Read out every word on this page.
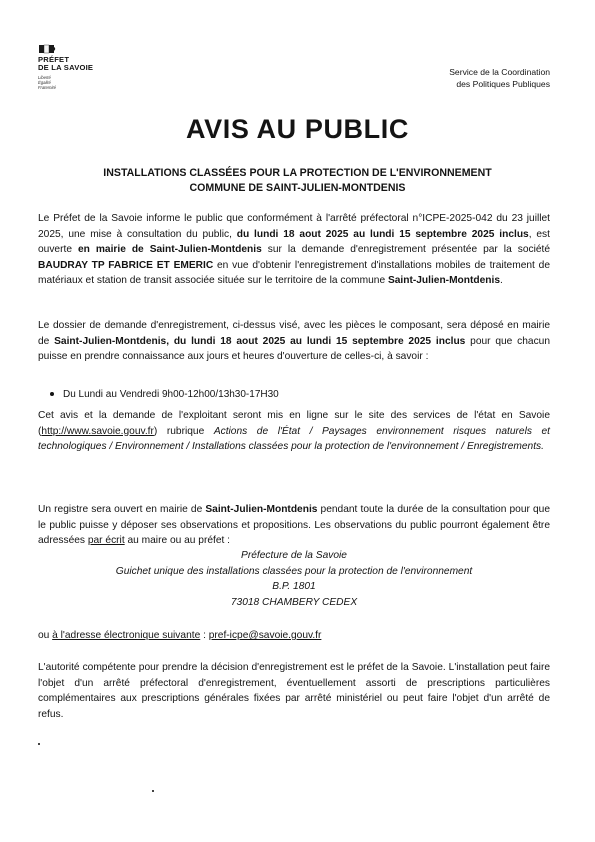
PRÉFET
DE LA SAVOIE
Liberté
Égalité
Fraternité
Service de la Coordination
des Politiques Publiques
AVIS AU PUBLIC
INSTALLATIONS CLASSÉES POUR LA PROTECTION DE L'ENVIRONNEMENT
COMMUNE DE SAINT-JULIEN-MONTDENIS
Le Préfet de la Savoie informe le public que conformément à l'arrêté préfectoral n°ICPE-2025-042 du 23 juillet 2025, une mise à consultation du public, du lundi 18 aout 2025 au lundi 15 septembre 2025 inclus, est ouverte en mairie de Saint-Julien-Montdenis sur la demande d'enregistrement présentée par la société BAUDRAY TP FABRICE ET EMERIC en vue d'obtenir l'enregistrement d'installations mobiles de traitement de matériaux et station de transit associée située sur le territoire de la commune Saint-Julien-Montdenis.
Le dossier de demande d'enregistrement, ci-dessus visé, avec les pièces le composant, sera déposé en mairie de Saint-Julien-Montdenis, du lundi 18 aout 2025 au lundi 15 septembre 2025 inclus pour que chacun puisse en prendre connaissance aux jours et heures d'ouverture de celles-ci, à savoir :
Du Lundi au Vendredi 9h00-12h00/13h30-17H30
Cet avis et la demande de l'exploitant seront mis en ligne sur le site des services de l'état en Savoie (http://www.savoie.gouv.fr) rubrique Actions de l'État / Paysages environnement risques naturels et technologiques / Environnement / Installations classées pour la protection de l'environnement / Enregistrements.
Un registre sera ouvert en mairie de Saint-Julien-Montdenis pendant toute la durée de la consultation pour que le public puisse y déposer ses observations et propositions. Les observations du public pourront également être adressées par écrit au maire ou au préfet :
Préfecture de la Savoie
Guichet unique des installations classées pour la protection de l'environnement
B.P. 1801
73018 CHAMBERY CEDEX
ou à l'adresse électronique suivante : pref-icpe@savoie.gouv.fr
L'autorité compétente pour prendre la décision d'enregistrement est le préfet de la Savoie. L'installation peut faire l'objet d'un arrêté préfectoral d'enregistrement, éventuellement assorti de prescriptions particulières complémentaires aux prescriptions générales fixées par arrêté ministériel ou peut faire l'objet d'un arrêté de refus.
